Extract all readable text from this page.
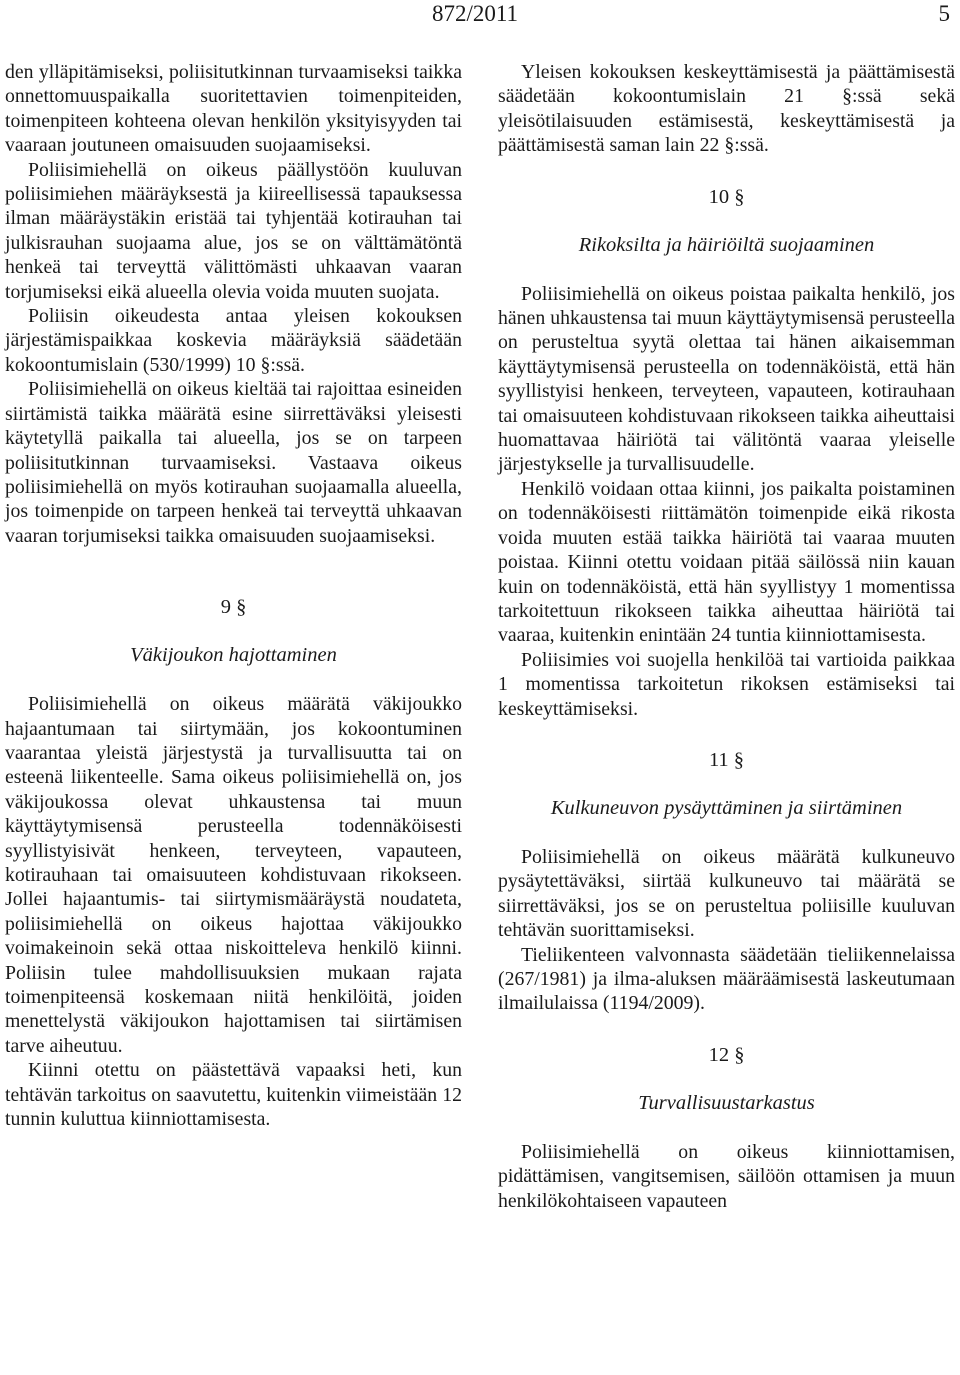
872/2011	5

den ylläpitämiseksi, poliisitutkinnan turvaamiseksi taikka onnettomuuspaikalla suoritettavien toimenpiteiden, toimenpiteen kohteena olevan henkilön yksityisyyden tai vaaraan joutuneen omaisuuden suojaamiseksi.

Poliisimiehellä on oikeus päällystöön kuuluvan poliisimiehen määräyksestä ja kiireellisessä tapauksessa ilman määräystäkin eristää tai tyhjentää kotirauhan tai julkisrauhan suojaama alue, jos se on välttämätöntä henkeä tai terveyttä välittömästi uhkaavan vaaran torjumiseksi eikä alueella olevia voida muuten suojata.

Poliisin oikeudesta antaa yleisen kokouksen järjestämispaikkaa koskevia määräyksiä säädetään kokoontumislain (530/1999) 10 §:ssä.

Poliisimiehellä on oikeus kieltää tai rajoittaa esineiden siirtämistä taikka määrätä esine siirrettäväksi yleisesti käytetyllä paikalla tai alueella, jos se on tarpeen poliisitutkinnan turvaamiseksi. Vastaava oikeus poliisimiehellä on myös kotirauhan suojaamalla alueella, jos toimenpide on tarpeen henkeä tai terveyttä uhkaavan vaaran torjumiseksi taikka omaisuuden suojaamiseksi.

9 §
Väkijoukon hajottaminen

Poliisimiehellä on oikeus määrätä väkijoukko hajaantumaan tai siirtymään, jos kokoontuminen vaarantaa yleistä järjestystä ja turvallisuutta tai on esteenä liikenteelle. Sama oikeus poliisimiehellä on, jos väkijoukossa olevat uhkaustensa tai muun käyttäytymisensä perusteella todennäköisesti syyllistyisivät henkeen, terveyteen, vapauteen, kotirauhaan tai omaisuuteen kohdistuvaan rikokseen. Jollei hajaantumis- tai siirtymismääräystä noudateta, poliisimiehellä on oikeus hajottaa väkijoukko voimakeinoin sekä ottaa niskoitteleva henkilö kiinni. Poliisin tulee mahdollisuuksien mukaan rajata toimenpiteensä koskemaan niitä henkilöitä, joiden menettelystä väkijoukon hajottamisen tai siirtämisen tarve aiheutuu.

Kiinni otettu on päästettävä vapaaksi heti, kun tehtävän tarkoitus on saavutettu, kuitenkin viimeistään 12 tunnin kuluttua kiinniottamisesta.

Yleisen kokouksen keskeyttämisestä ja päättämisestä säädetään kokoontumislain 21 §:ssä sekä yleisötilaisuuden estämisestä, keskeyttämisestä ja päättämisestä saman lain 22 §:ssä.

10 §
Rikoksilta ja häiriöiltä suojaaminen

Poliisimiehellä on oikeus poistaa paikalta henkilö, jos hänen uhkaustensa tai muun käyttäytymisensä perusteella on perusteltua syytä olettaa tai hänen aikaisemman käyttäytymisensä perusteella on todennäköistä, että hän syyllistyisi henkeen, terveyteen, vapauteen, kotirauhaan tai omaisuuteen kohdistuvaan rikokseen taikka aiheuttaisi huomattavaa häiriötä tai välitöntä vaaraa yleiselle järjestykselle ja turvallisuudelle.

Henkilö voidaan ottaa kiinni, jos paikalta poistaminen on todennäköisesti riittämätön toimenpide eikä rikosta voida muuten estää taikka häiriötä tai vaaraa muuten poistaa. Kiinni otettu voidaan pitää säilössä niin kauan kuin on todennäköistä, että hän syyllistyy 1 momentissa tarkoitettuun rikokseen taikka aiheuttaa häiriötä tai vaaraa, kuitenkin enintään 24 tuntia kiinniottamisesta.

Poliisimies voi suojella henkilöä tai vartioida paikkaa 1 momentissa tarkoitetun rikoksen estämiseksi tai keskeyttämiseksi.

11 §
Kulkuneuvon pysäyttäminen ja siirtäminen

Poliisimiehellä on oikeus määrätä kulkuneuvo pysäytettäväksi, siirtää kulkuneuvo tai määrätä se siirrettäväksi, jos se on perusteltua poliisille kuuluvan tehtävän suorittamiseksi.

Tieliikenteen valvonnasta säädetään tieliikennelaissa (267/1981) ja ilma-aluksen määräämisestä laskeutumaan ilmailulaissa (1194/2009).

12 §
Turvallisuustarkastus

Poliisimiehellä on oikeus kiinniottamisen, pidättämisen, vangitsemisen, säilöön ottamisen ja muun henkilökohtaiseen vapauteen
